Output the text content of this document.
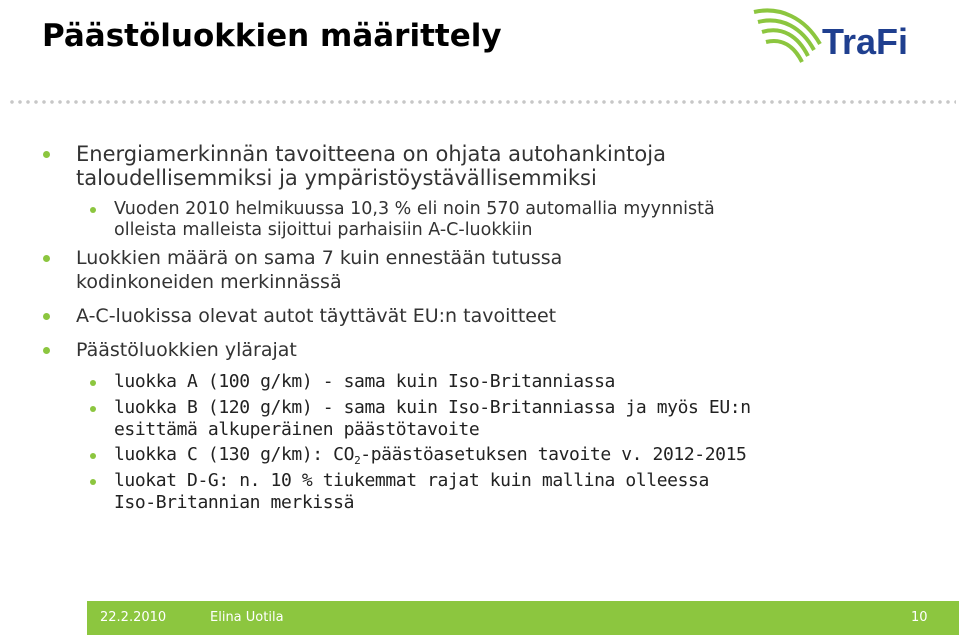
Päästöluokkien määrittely	TraFi
Energiamerkinnän tavoitteena on ohjata autohankintoja
taloudellisemmiksi ja ympäristöystävällisemmiksi
Vuoden 2010 helmikuussa 10,3 % eli noin 570 automallia myynnistä
olleista malleista sijoittui parhaisiin A-C-luokkiin
Luokkien määrä on sama 7 kuin ennestään tutussa
kodinkoneiden merkinnässä
A-C-luokissa olevat autot täyttävät EU:n tavoitteet
Päästöluokkien ylärajat
luokka A (100 g/km) - sama kuin Iso-Britanniassa
luokka B (120 g/km) - sama kuin Iso-Britanniassa ja myös EU:n
esittämä alkuperäinen päästötavoite
luokka C (130 g/km): $CO_2$-päästöasetuksen tavoite v. 2012-2015
luokat D-G: n. 10 % tiukemmat rajat kuin mallina olleessa
Iso-Britannian merkissä
22.2.2010	Elina Uotila	10
